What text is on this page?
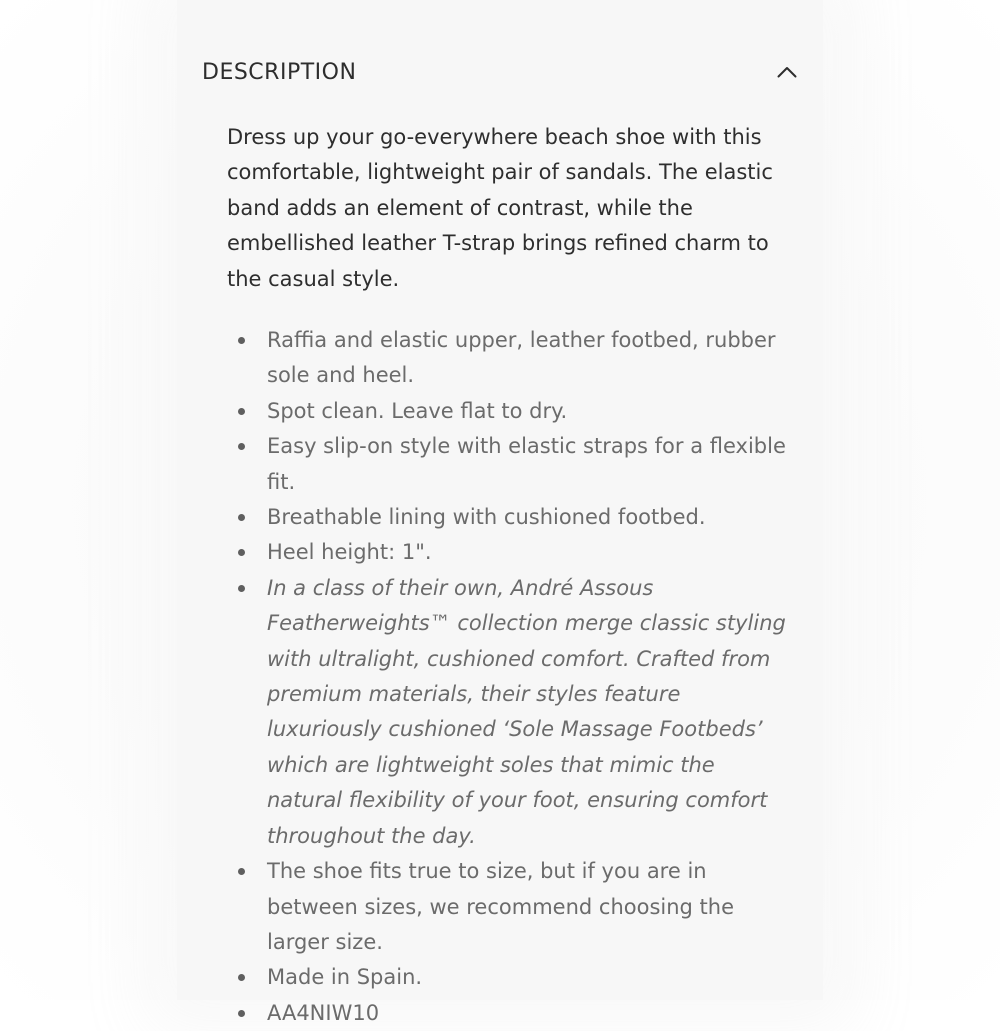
DESCRIPTION

Dress up your go-everywhere beach shoe with this comfortable, lightweight pair of sandals. The elastic band adds an element of contrast, while the embellished leather T-strap brings refined charm to the casual style.

Raffia and elastic upper, leather footbed, rubber sole and heel.
Spot clean. Leave flat to dry.
Easy slip-on style with elastic straps for a flexible fit.
Breathable lining with cushioned footbed.
Heel height: 1".
In a class of their own, André Assous Featherweights™ collection merge classic styling with ultralight, cushioned comfort. Crafted from premium materials, their styles feature luxuriously cushioned ‘Sole Massage Footbeds’ which are lightweight soles that mimic the natural flexibility of your foot, ensuring comfort throughout the day.
The shoe fits true to size, but if you are in between sizes, we recommend choosing the larger size.
Made in Spain.
AA4NIW10
